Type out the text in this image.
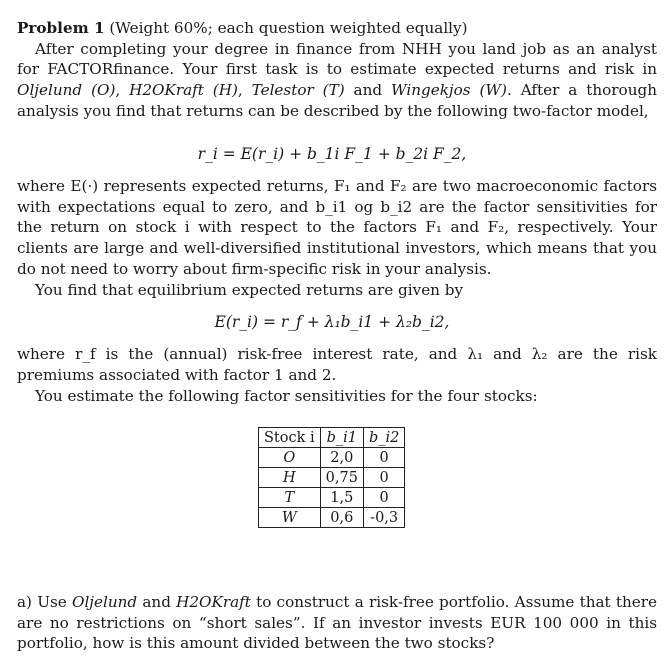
Problem 1 (Weight 60%; each question weighted equally)
After completing your degree in finance from NHH you land job as an analyst for FACTORfinance. Your first task is to estimate expected returns and risk in Oljelund (O), H2OKraft (H), Telestor (T) and Wingekjos (W). After a thorough analysis you find that returns can be described by the following two-factor model,
r_i = E(r_i) + b_1i F_1 + b_2i F_2,
where E(·) represents expected returns, F₁ and F₂ are two macroeconomic factors with expectations equal to zero, and b_i1 og b_i2 are the factor sensitivities for the return on stock i with respect to the factors F₁ and F₂, respectively. Your clients are large and well-diversified institutional investors, which means that you do not need to worry about firm-specific risk in your analysis.
You find that equilibrium expected returns are given by
E(r_i) = r_f + λ₁b_i1 + λ₂b_i2,
where r_f is the (annual) risk-free interest rate, and λ₁ and λ₂ are the risk premiums associated with factor 1 and 2.
You estimate the following factor sensitivities for the four stocks:
Stock i	b_i1	b_i2
O	2,0	0
H	0,75	0
T	1,5	0
W	0,6	-0,3
a) Use Oljelund and H2OKraft to construct a risk-free portfolio. Assume that there are no restrictions on “short sales”. If an investor invests EUR 100 000 in this portfolio, how is this amount divided between the two stocks?
